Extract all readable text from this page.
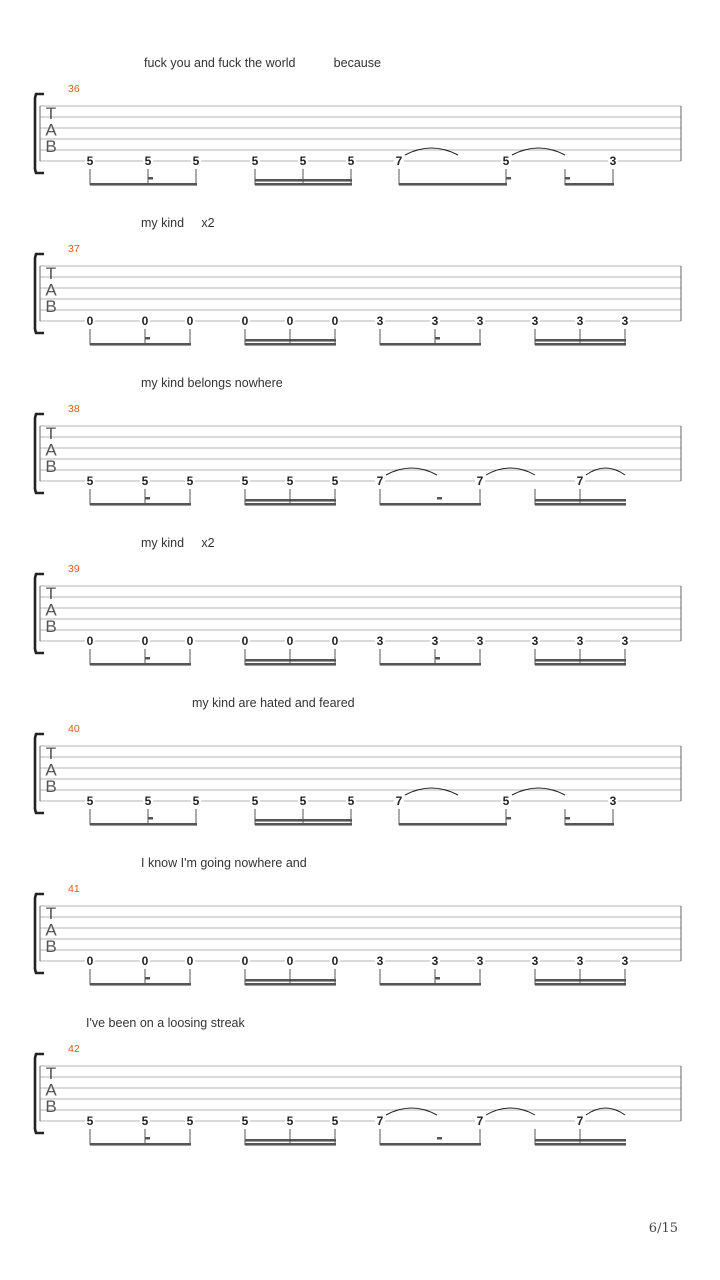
fuck you and fuck the world           because
36
T
A
B
5	5	5	5	5	5	7	5	3
my kind     x2
37
T
A
B
0	0	0	0	0	0	3	3	3	3	3	3
my kind belongs nowhere
38
T
A
B
5	5	5	5	5	5	7	7	7
my kind     x2
39
T
A
B
0	0	0	0	0	0	3	3	3	3	3	3
my kind are hated and feared
40
T
A
B
5	5	5	5	5	5	7	5	3
I know I'm going nowhere and
41
T
A
B
0	0	0	0	0	0	3	3	3	3	3	3
I've been on a loosing streak
42
T
A
B
5	5	5	5	5	5	7	7	7
6/15
